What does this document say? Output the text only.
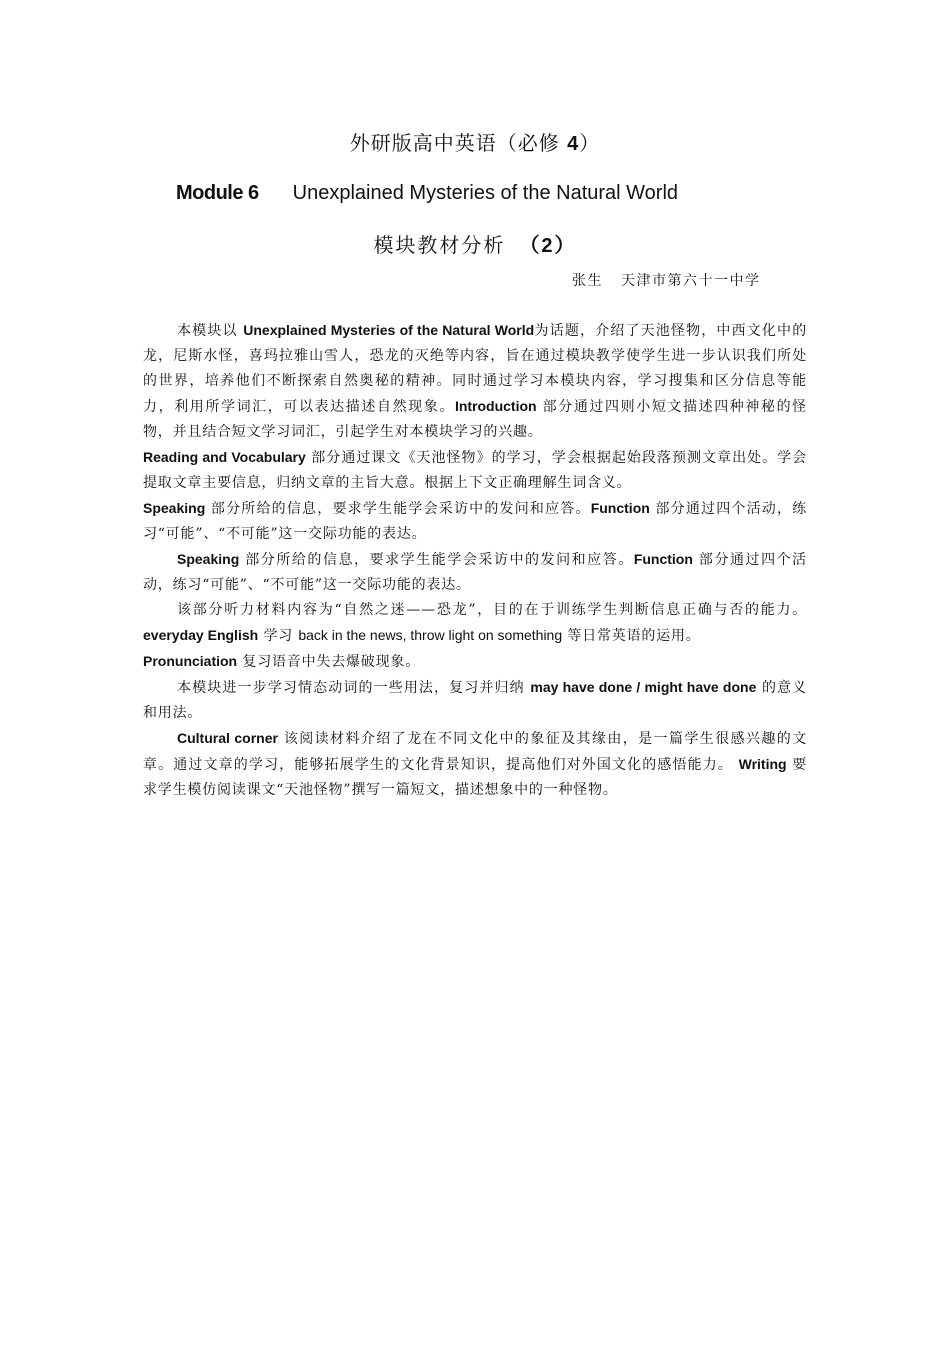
外研版高中英语（必修 4）
Module 6 Unexplained Mysteries of the Natural World
模块教材分析 （2）
张生 天津市第六十一中学

本模块以 Unexplained Mysteries of the Natural World为话题，介绍了天池怪物，中西文化中的龙，尼斯水怪，喜玛拉雅山雪人，恐龙的灭绝等内容，旨在通过模块教学使学生进一步认识我们所处的世界，培养他们不断探索自然奥秘的精神。同时通过学习本模块内容，学习搜集和区分信息等能力，利用所学词汇，可以表达描述自然现象。Introduction 部分通过四则小短文描述四种神秘的怪物，并且结合短文学习词汇，引起学生对本模块学习的兴趣。

Reading and Vocabulary 部分通过课文《天池怪物》的学习，学会根据起始段落预测文章出处。学会提取文章主要信息，归纳文章的主旨大意。根据上下文正确理解生词含义。

Speaking 部分所给的信息，要求学生能学会采访中的发问和应答。Function 部分通过四个活动，练习“可能”、“不可能”这一交际功能的表达。

Speaking 部分所给的信息，要求学生能学会采访中的发问和应答。Function 部分通过四个活动，练习“可能”、“不可能”这一交际功能的表达。

该部分听力材料内容为“自然之迷——恐龙”，目的在于训练学生判断信息正确与否的能力。everyday English 学习 back in the news, throw light on something 等日常英语的运用。

Pronunciation 复习语音中失去爆破现象。

本模块进一步学习情态动词的一些用法，复习并归纳 may have done / might have done 的意义和用法。

Cultural corner 该阅读材料介绍了龙在不同文化中的象征及其缘由，是一篇学生很感兴趣的文章。通过文章的学习，能够拓展学生的文化背景知识，提高他们对外国文化的感悟能力。 Writing 要求学生模仿阅读课文“天池怪物”撰写一篇短文，描述想象中的一种怪物。
